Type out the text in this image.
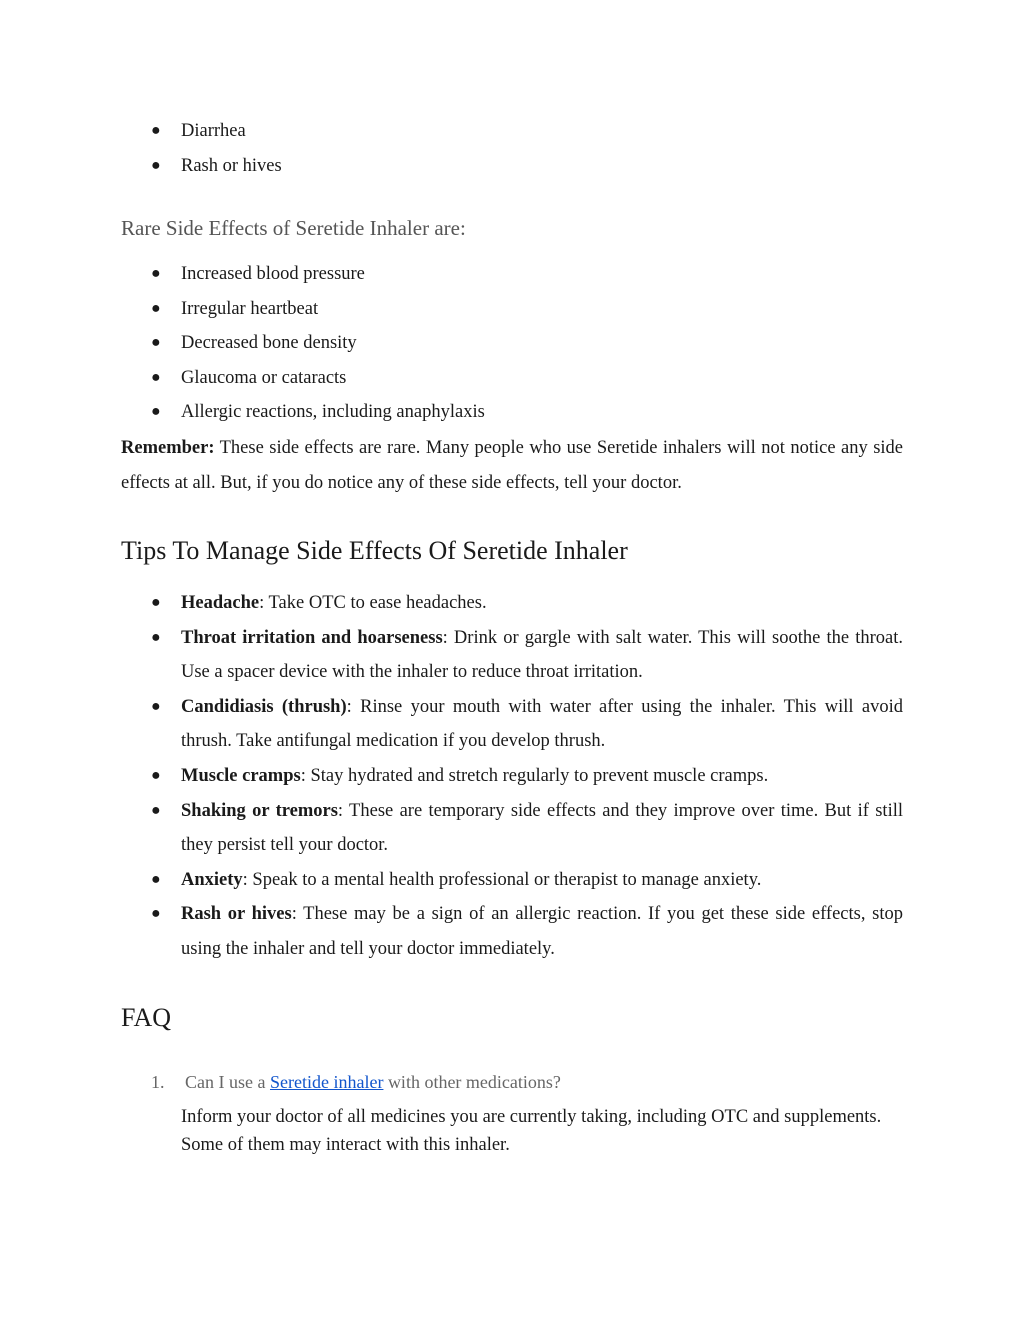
● Diarrhea
● Rash or hives
Rare Side Effects of Seretide Inhaler are:
● Increased blood pressure
● Irregular heartbeat
● Decreased bone density
● Glaucoma or cataracts
● Allergic reactions, including anaphylaxis

Remember: These side effects are rare. Many people who use Seretide inhalers will not notice any side effects at all. But, if you do notice any of these side effects, tell your doctor.

Tips To Manage Side Effects Of Seretide Inhaler
● Headache: Take OTC to ease headaches.
● Throat irritation and hoarseness: Drink or gargle with salt water. This will soothe the throat. Use a spacer device with the inhaler to reduce throat irritation.
● Candidiasis (thrush): Rinse your mouth with water after using the inhaler. This will avoid thrush. Take antifungal medication if you develop thrush.
● Muscle cramps: Stay hydrated and stretch regularly to prevent muscle cramps.
● Shaking or tremors: These are temporary side effects and they improve over time. But if still they persist tell your doctor.
● Anxiety: Speak to a mental health professional or therapist to manage anxiety.
● Rash or hives: These may be a sign of an allergic reaction. If you get these side effects, stop using the inhaler and tell your doctor immediately.
FAQ
1. Can I use a Seretide inhaler with other medications?
Inform your doctor of all medicines you are currently taking, including OTC and supplements. Some of them may interact with this inhaler.
